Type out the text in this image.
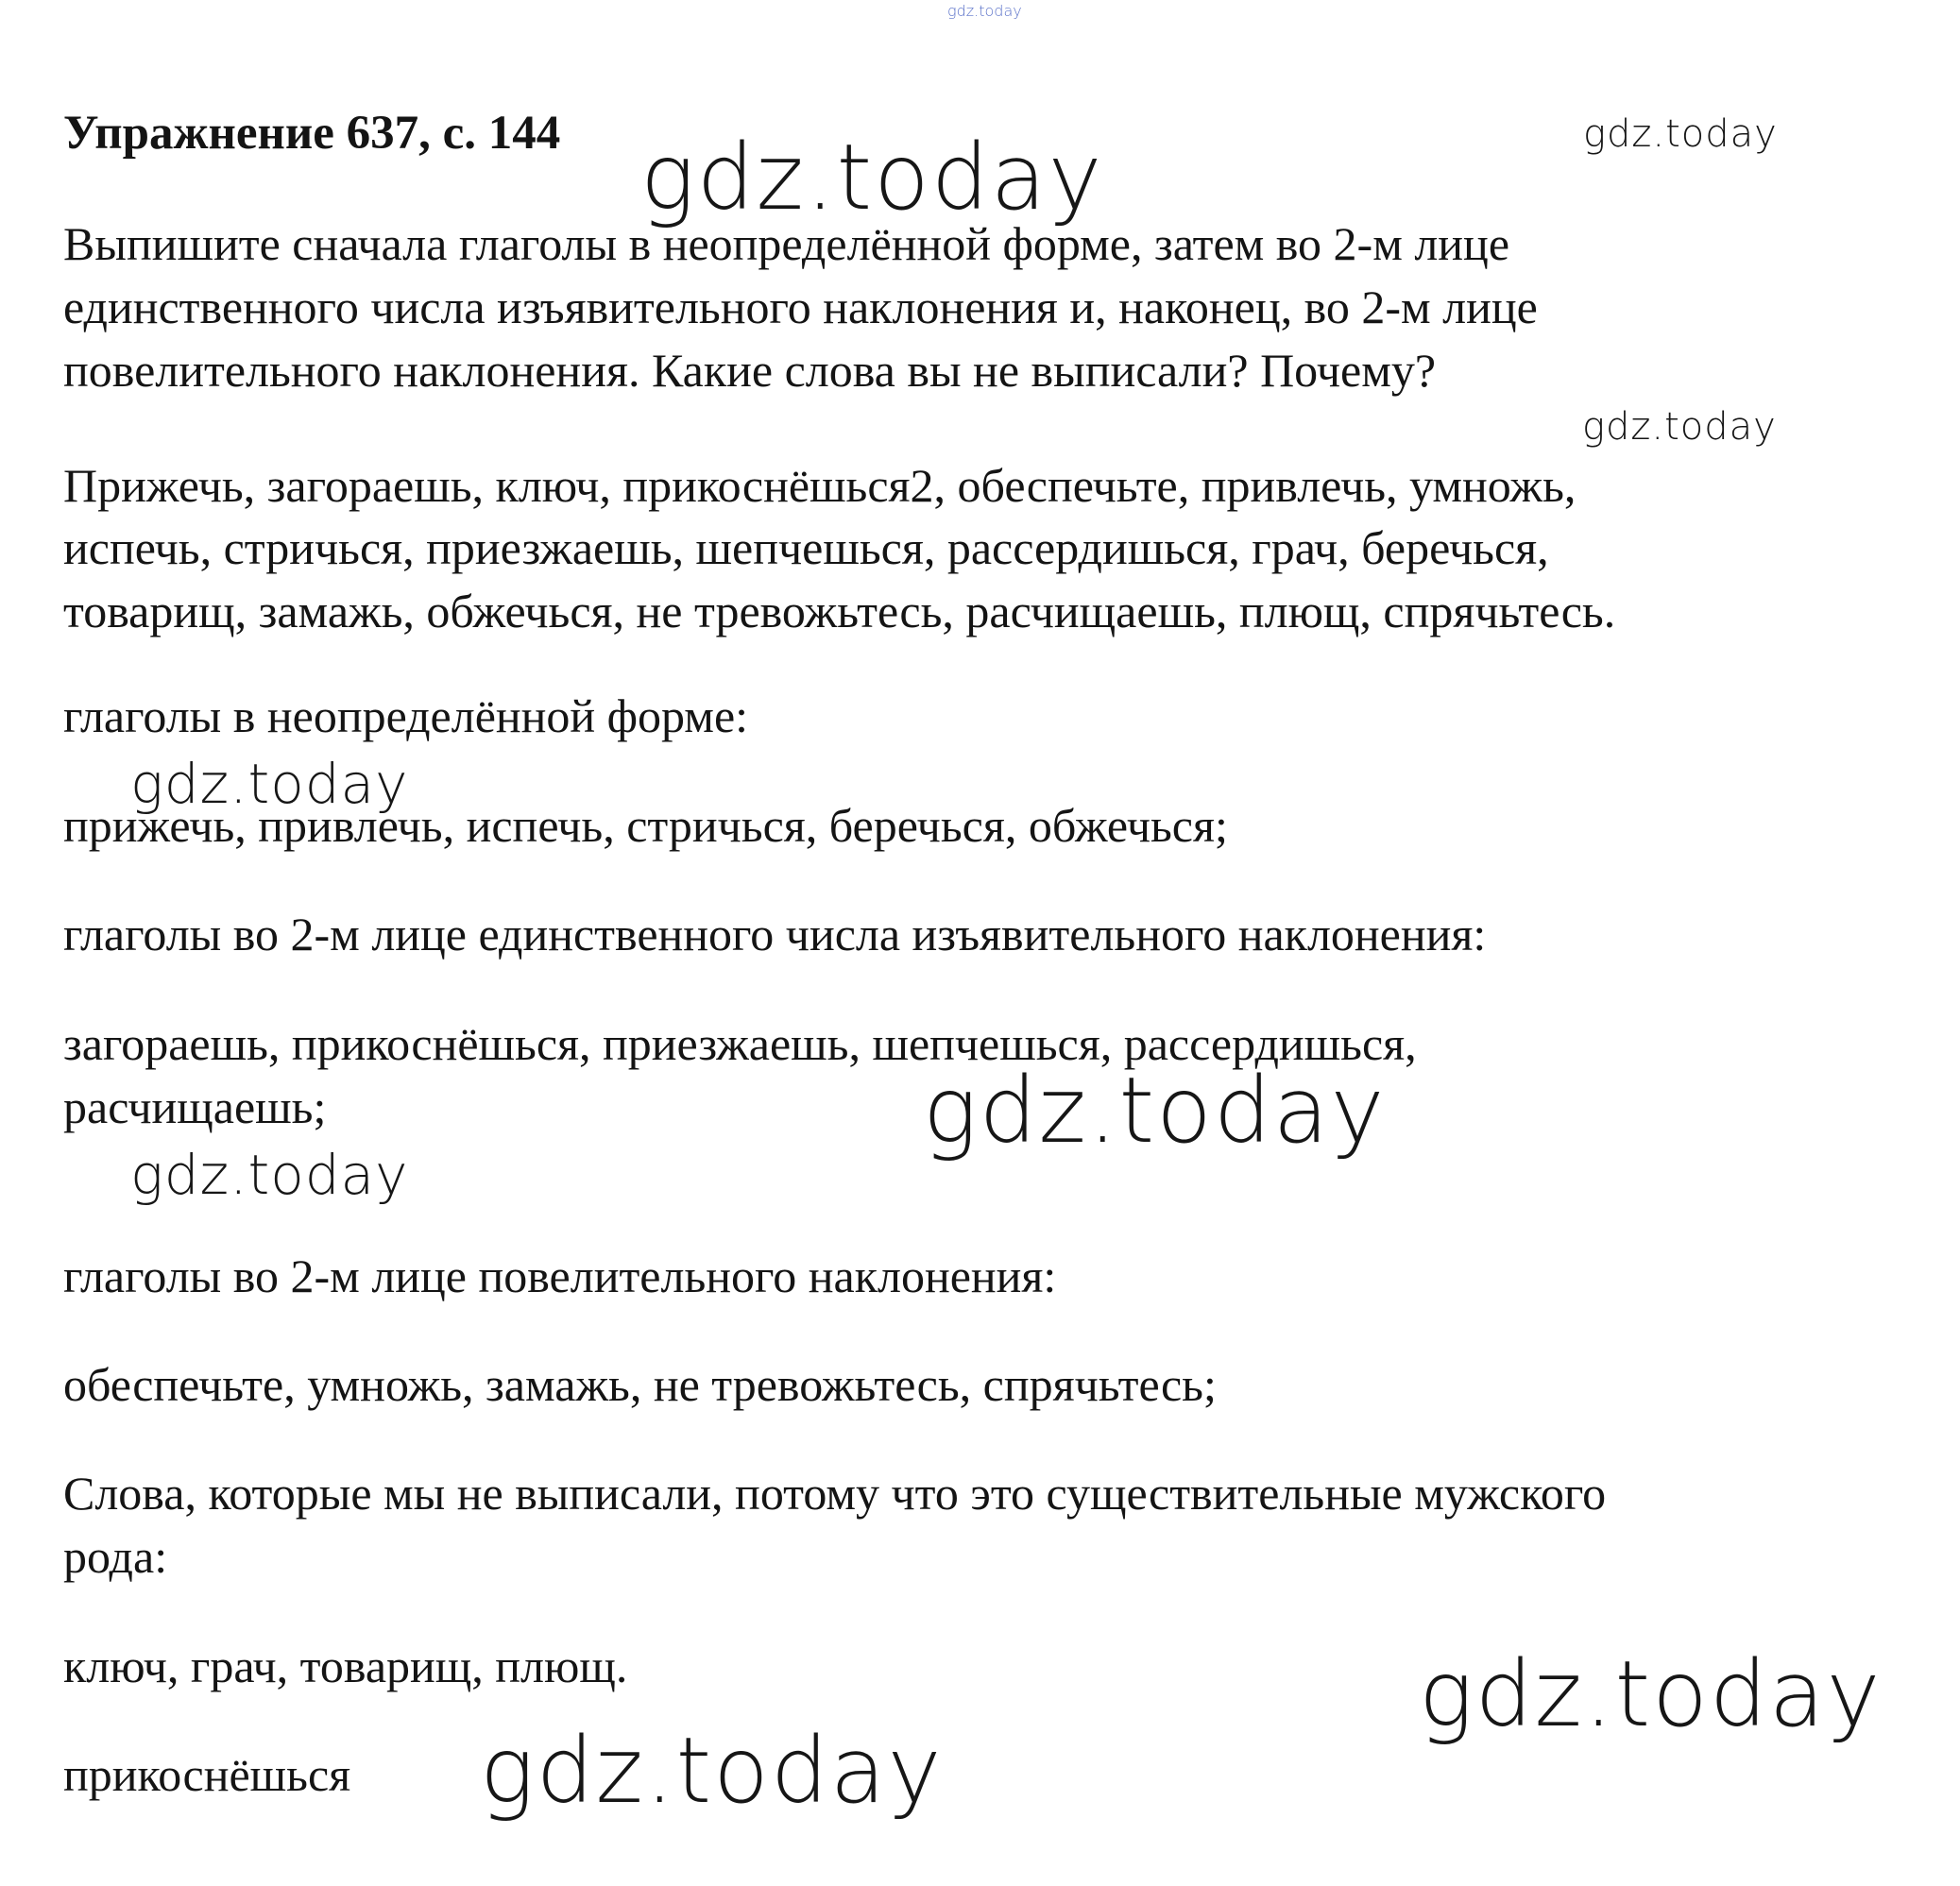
gdz.today
gdz.today
gdz.today
gdz.today
gdz.today
gdz.today
gdz.today
gdz.today
gdz.today
Упражнение 637, с. 144
Выпишите сначала глаголы в неопределённой форме, затем во 2-м лице
единственного числа изъявительного наклонения и, наконец, во 2-м лице
повелительного наклонения. Какие слова вы не выписали? Почему?
Прижечь, загораешь, ключ, прикоснёшься2, обеспечьте, привлечь, умножь,
испечь, стричься, приезжаешь, шепчешься, рассердишься, грач, беречься,
товарищ, замажь, обжечься, не тревожьтесь, расчищаешь, плющ, спрячьтесь.
глаголы в неопределённой форме:
прижечь, привлечь, испечь, стричься, беречься, обжечься;
глаголы во 2-м лице единственного числа изъявительного наклонения:
загораешь, прикоснёшься, приезжаешь, шепчешься, рассердишься,
расчищаешь;
глаголы во 2-м лице повелительного наклонения:
обеспечьте, умножь, замажь, не тревожьтесь, спрячьтесь;
Слова, которые мы не выписали, потому что это существительные мужского
рода:
ключ, грач, товарищ, плющ.
прикоснёшься
